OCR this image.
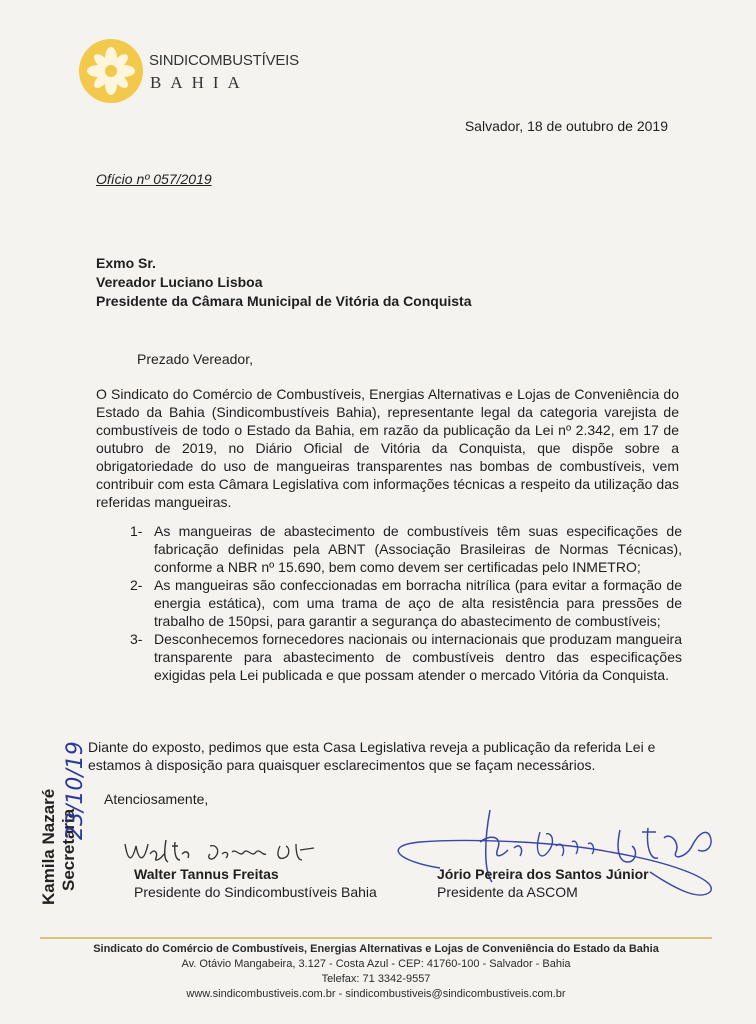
SINDICOMBUSTÍVEIS
BAHIA
Salvador, 18 de outubro de 2019
Ofício nº 057/2019
Exmo Sr.
Vereador Luciano Lisboa
Presidente da Câmara Municipal de Vitória da Conquista
Prezado Vereador,
O Sindicato do Comércio de Combustíveis, Energias Alternativas e Lojas de Conveniência do Estado da Bahia (Sindicombustíveis Bahia), representante legal da categoria varejista de combustíveis de todo o Estado da Bahia, em razão da publicação da Lei nº 2.342, em 17 de outubro de 2019, no Diário Oficial de Vitória da Conquista, que dispõe sobre a obrigatoriedade do uso de mangueiras transparentes nas bombas de combustíveis, vem contribuir com esta Câmara Legislativa com informações técnicas a respeito da utilização das referidas mangueiras.
1- As mangueiras de abastecimento de combustíveis têm suas especificações de fabricação definidas pela ABNT (Associação Brasileiras de Normas Técnicas), conforme a NBR nº 15.690, bem como devem ser certificadas pelo INMETRO;
2- As mangueiras são confeccionadas em borracha nitrílica (para evitar a formação de energia estática), com uma trama de aço de alta resistência para pressões de trabalho de 150psi, para garantir a segurança do abastecimento de combustíveis;
3- Desconhecemos fornecedores nacionais ou internacionais que produzam mangueira transparente para abastecimento de combustíveis dentro das especificações exigidas pela Lei publicada e que possam atender o mercado Vitória da Conquista.
Diante do exposto, pedimos que esta Casa Legislativa reveja a publicação da referida Lei e estamos à disposição para quaisquer esclarecimentos que se façam necessários.
Atenciosamente,
Walter Tannus Freitas
Presidente do Sindicombustíveis Bahia
Jório Pereira dos Santos Júnior
Presidente da ASCOM
Kamila Nazaré Secretaria
23/10/19
Sindicato do Comércio de Combustíveis, Energias Alternativas e Lojas de Conveniência do Estado da Bahia
Av. Otávio Mangabeira, 3.127 - Costa Azul - CEP: 41760-100 - Salvador - Bahia
Telefax: 71 3342-9557
www.sindicombustiveis.com.br - sindicombustiveis@sindicombustiveis.com.br
